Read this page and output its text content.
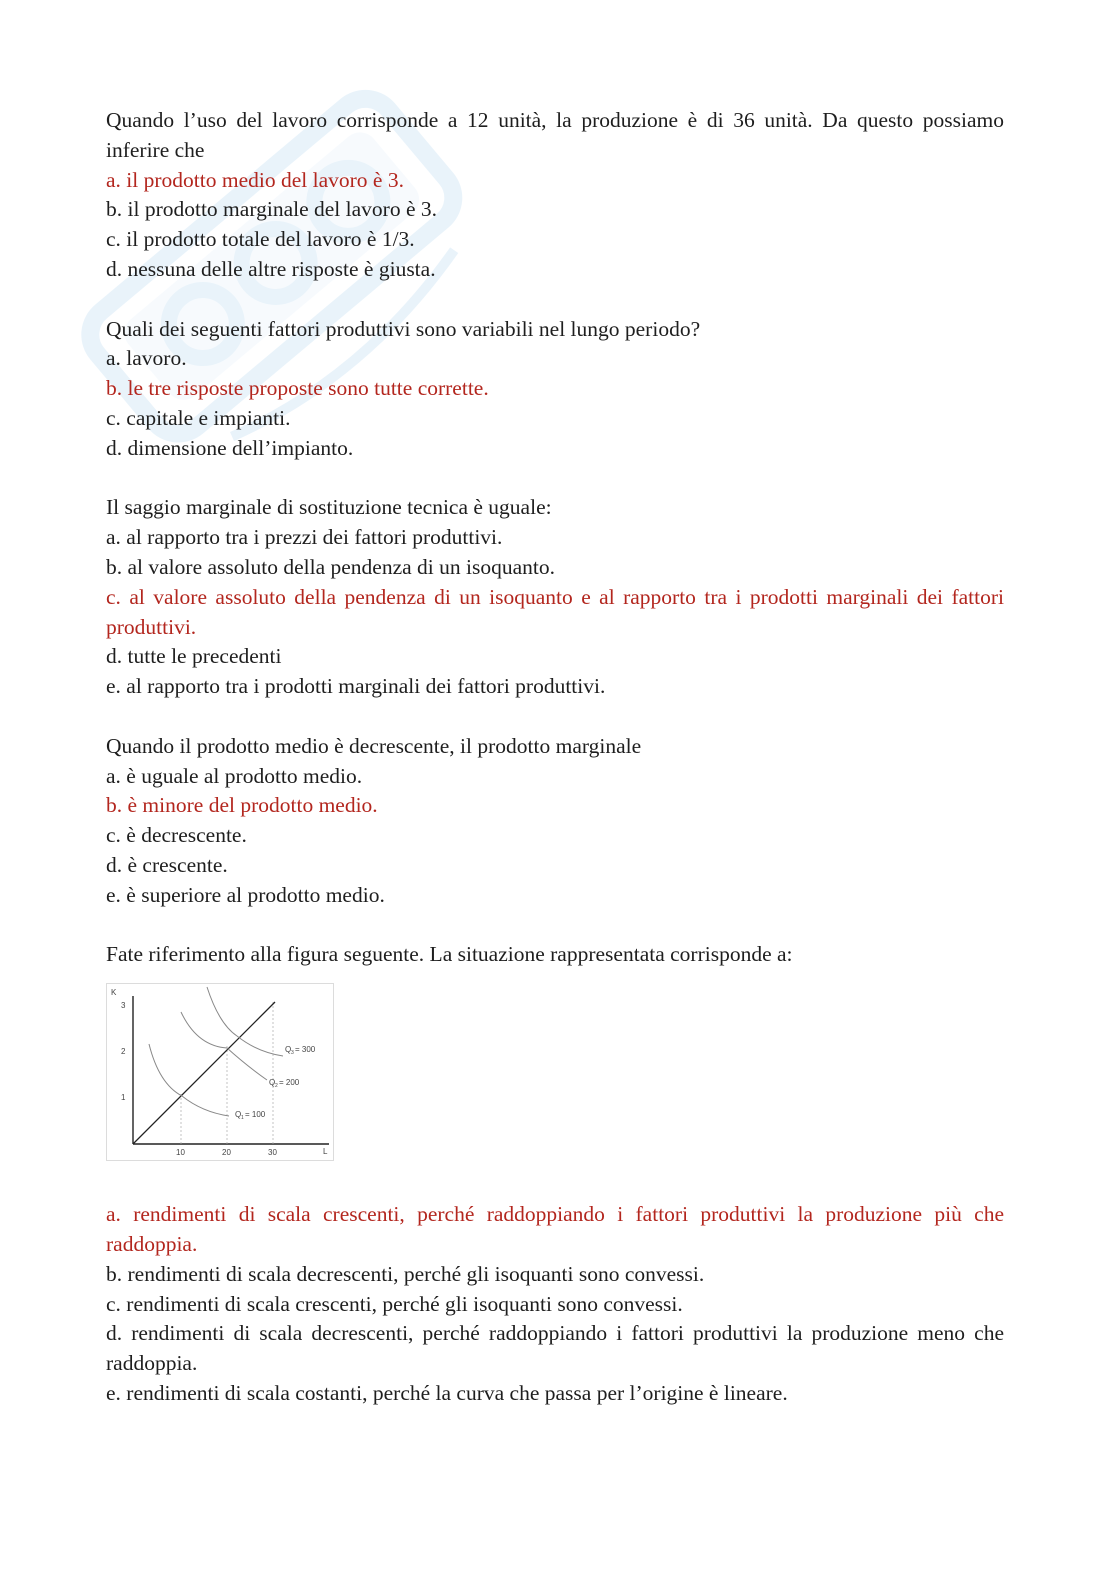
Quando l’uso del lavoro corrisponde a 12 unità, la produzione è di 36 unità. Da questo possiamo inferire che

a. il prodotto medio del lavoro è 3.

b. il prodotto marginale del lavoro è 3.

c. il prodotto totale del lavoro è 1/3.

d. nessuna delle altre risposte è giusta.

Quali dei seguenti fattori produttivi sono variabili nel lungo periodo?

a. lavoro.

b. le tre risposte proposte sono tutte corrette.

c. capitale e impianti.

d. dimensione dell’impianto.

Il saggio marginale di sostituzione tecnica è uguale:

a. al rapporto tra i prezzi dei fattori produttivi.

b. al valore assoluto della pendenza di un isoquanto.

c. al valore assoluto della pendenza di un isoquanto e al rapporto tra i prodotti marginali dei fattori produttivi.

d. tutte le precedenti

e. al rapporto tra i prodotti marginali dei fattori produttivi.

Quando il prodotto medio è decrescente, il prodotto marginale

a. è uguale al prodotto medio.

b. è minore del prodotto medio.

c. è decrescente.

d. è crescente.

e. è superiore al prodotto medio.

Fate riferimento alla figura seguente. La situazione rappresentata corrisponde a:

K
L
3
2
1
10	20	30
Q 1 = 100
Q 2 = 200
Q 3 = 300

a. rendimenti di scala crescenti, perché raddoppiando i fattori produttivi la produzione più che raddoppia.

b. rendimenti di scala decrescenti, perché gli isoquanti sono convessi.

c. rendimenti di scala crescenti, perché gli isoquanti sono convessi.

d. rendimenti di scala decrescenti, perché raddoppiando i fattori produttivi la produzione meno che raddoppia.

e. rendimenti di scala costanti, perché la curva che passa per l’origine è lineare.
